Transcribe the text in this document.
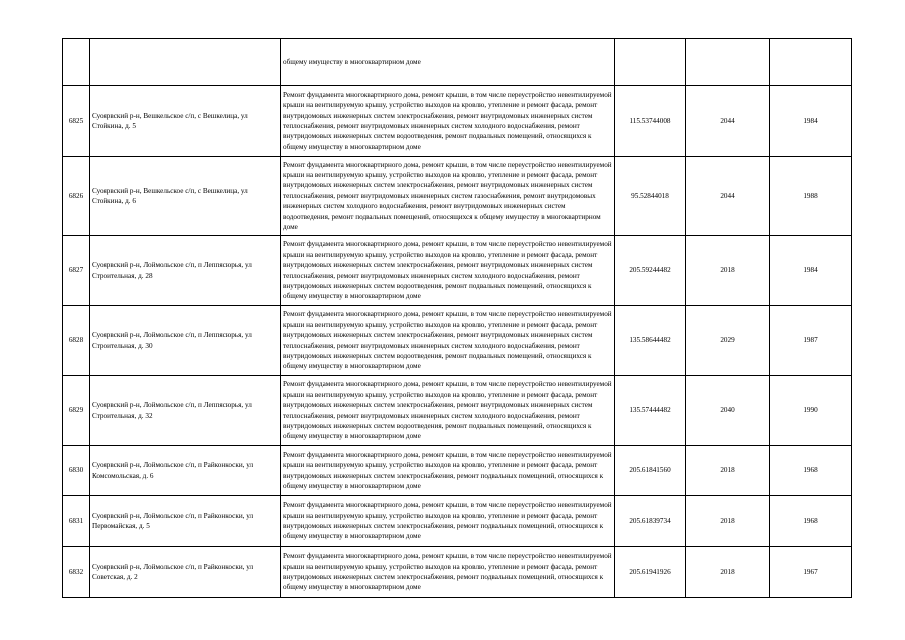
		общему имуществу в многоквартирном доме			
6825	Суоярвский р-н, Вешкельское с/п, с Вешкелица, ул Стойкина, д. 5	Ремонт фундамента многоквартирного дома, ремонт крыши, в том числе переустройство невентилируемой крыши на вентилируемую крышу, устройство выходов на кровлю, утепление и ремонт фасада, ремонт внутридомовых инженерных систем электроснабжения, ремонт внутридомовых инженерных систем теплоснабжения, ремонт внутридомовых инженерных систем холодного водоснабжения, ремонт внутридомовых инженерных систем водоотведения, ремонт подвальных помещений, относящихся к общему имуществу в многоквартирном доме	115.53744008	2044	1984
6826	Суоярвский р-н, Вешкельское с/п, с Вешкелица, ул Стойкина, д. 6	Ремонт фундамента многоквартирного дома, ремонт крыши, в том числе переустройство невентилируемой крыши на вентилируемую крышу, устройство выходов на кровлю, утепление и ремонт фасада, ремонт внутридомовых инженерных систем электроснабжения, ремонт внутридомовых инженерных систем теплоснабжения, ремонт внутридомовых инженерных систем газоснабжения, ремонт внутридомовых инженерных систем холодного водоснабжения, ремонт внутридомовых инженерных систем водоотведения, ремонт подвальных помещений, относящихся к общему имуществу в многоквартирном доме	95.52844018	2044	1988
6827	Суоярвский р-н, Лоймольское с/п, п Леппясюрья, ул Строительная, д. 28	Ремонт фундамента многоквартирного дома, ремонт крыши, в том числе переустройство невентилируемой крыши на вентилируемую крышу, устройство выходов на кровлю, утепление и ремонт фасада, ремонт внутридомовых инженерных систем электроснабжения, ремонт внутридомовых инженерных систем теплоснабжения, ремонт внутридомовых инженерных систем холодного водоснабжения, ремонт внутридомовых инженерных систем водоотведения, ремонт подвальных помещений, относящихся к общему имуществу в многоквартирном доме	205.59244482	2018	1984
6828	Суоярвский р-н, Лоймольское с/п, п Леппясюрья, ул Строительная, д. 30	Ремонт фундамента многоквартирного дома, ремонт крыши, в том числе переустройство невентилируемой крыши на вентилируемую крышу, устройство выходов на кровлю, утепление и ремонт фасада, ремонт внутридомовых инженерных систем электроснабжения, ремонт внутридомовых инженерных систем теплоснабжения, ремонт внутридомовых инженерных систем холодного водоснабжения, ремонт внутридомовых инженерных систем водоотведения, ремонт подвальных помещений, относящихся к общему имуществу в многоквартирном доме	135.58644482	2029	1987
6829	Суоярвский р-н, Лоймольское с/п, п Леппясюрья, ул Строительная, д. 32	Ремонт фундамента многоквартирного дома, ремонт крыши, в том числе переустройство невентилируемой крыши на вентилируемую крышу, устройство выходов на кровлю, утепление и ремонт фасада, ремонт внутридомовых инженерных систем электроснабжения, ремонт внутридомовых инженерных систем теплоснабжения, ремонт внутридомовых инженерных систем холодного водоснабжения, ремонт внутридомовых инженерных систем водоотведения, ремонт подвальных помещений, относящихся к общему имуществу в многоквартирном доме	135.57444482	2040	1990
6830	Суоярвский р-н, Лоймольское с/п, п Райконкоски, ул Комсомольская, д. 6	Ремонт фундамента многоквартирного дома, ремонт крыши, в том числе переустройство невентилируемой крыши на вентилируемую крышу, устройство выходов на кровлю, утепление и ремонт фасада, ремонт внутридомовых инженерных систем электроснабжения, ремонт подвальных помещений, относящихся к общему имуществу в многоквартирном доме	205.61841560	2018	1968
6831	Суоярвский р-н, Лоймольское с/п, п Райконкоски, ул Первомайская, д. 5	Ремонт фундамента многоквартирного дома, ремонт крыши, в том числе переустройство невентилируемой крыши на вентилируемую крышу, устройство выходов на кровлю, утепление и ремонт фасада, ремонт внутридомовых инженерных систем электроснабжения, ремонт подвальных помещений, относящихся к общему имуществу в многоквартирном доме	205.61839734	2018	1968
6832	Суоярвский р-н, Лоймольское с/п, п Райконкоски, ул Советская, д. 2	Ремонт фундамента многоквартирного дома, ремонт крыши, в том числе переустройство невентилируемой крыши на вентилируемую крышу, устройство выходов на кровлю, утепление и ремонт фасада, ремонт внутридомовых инженерных систем электроснабжения, ремонт подвальных помещений, относящихся к общему имуществу в многоквартирном доме	205.61941926	2018	1967
